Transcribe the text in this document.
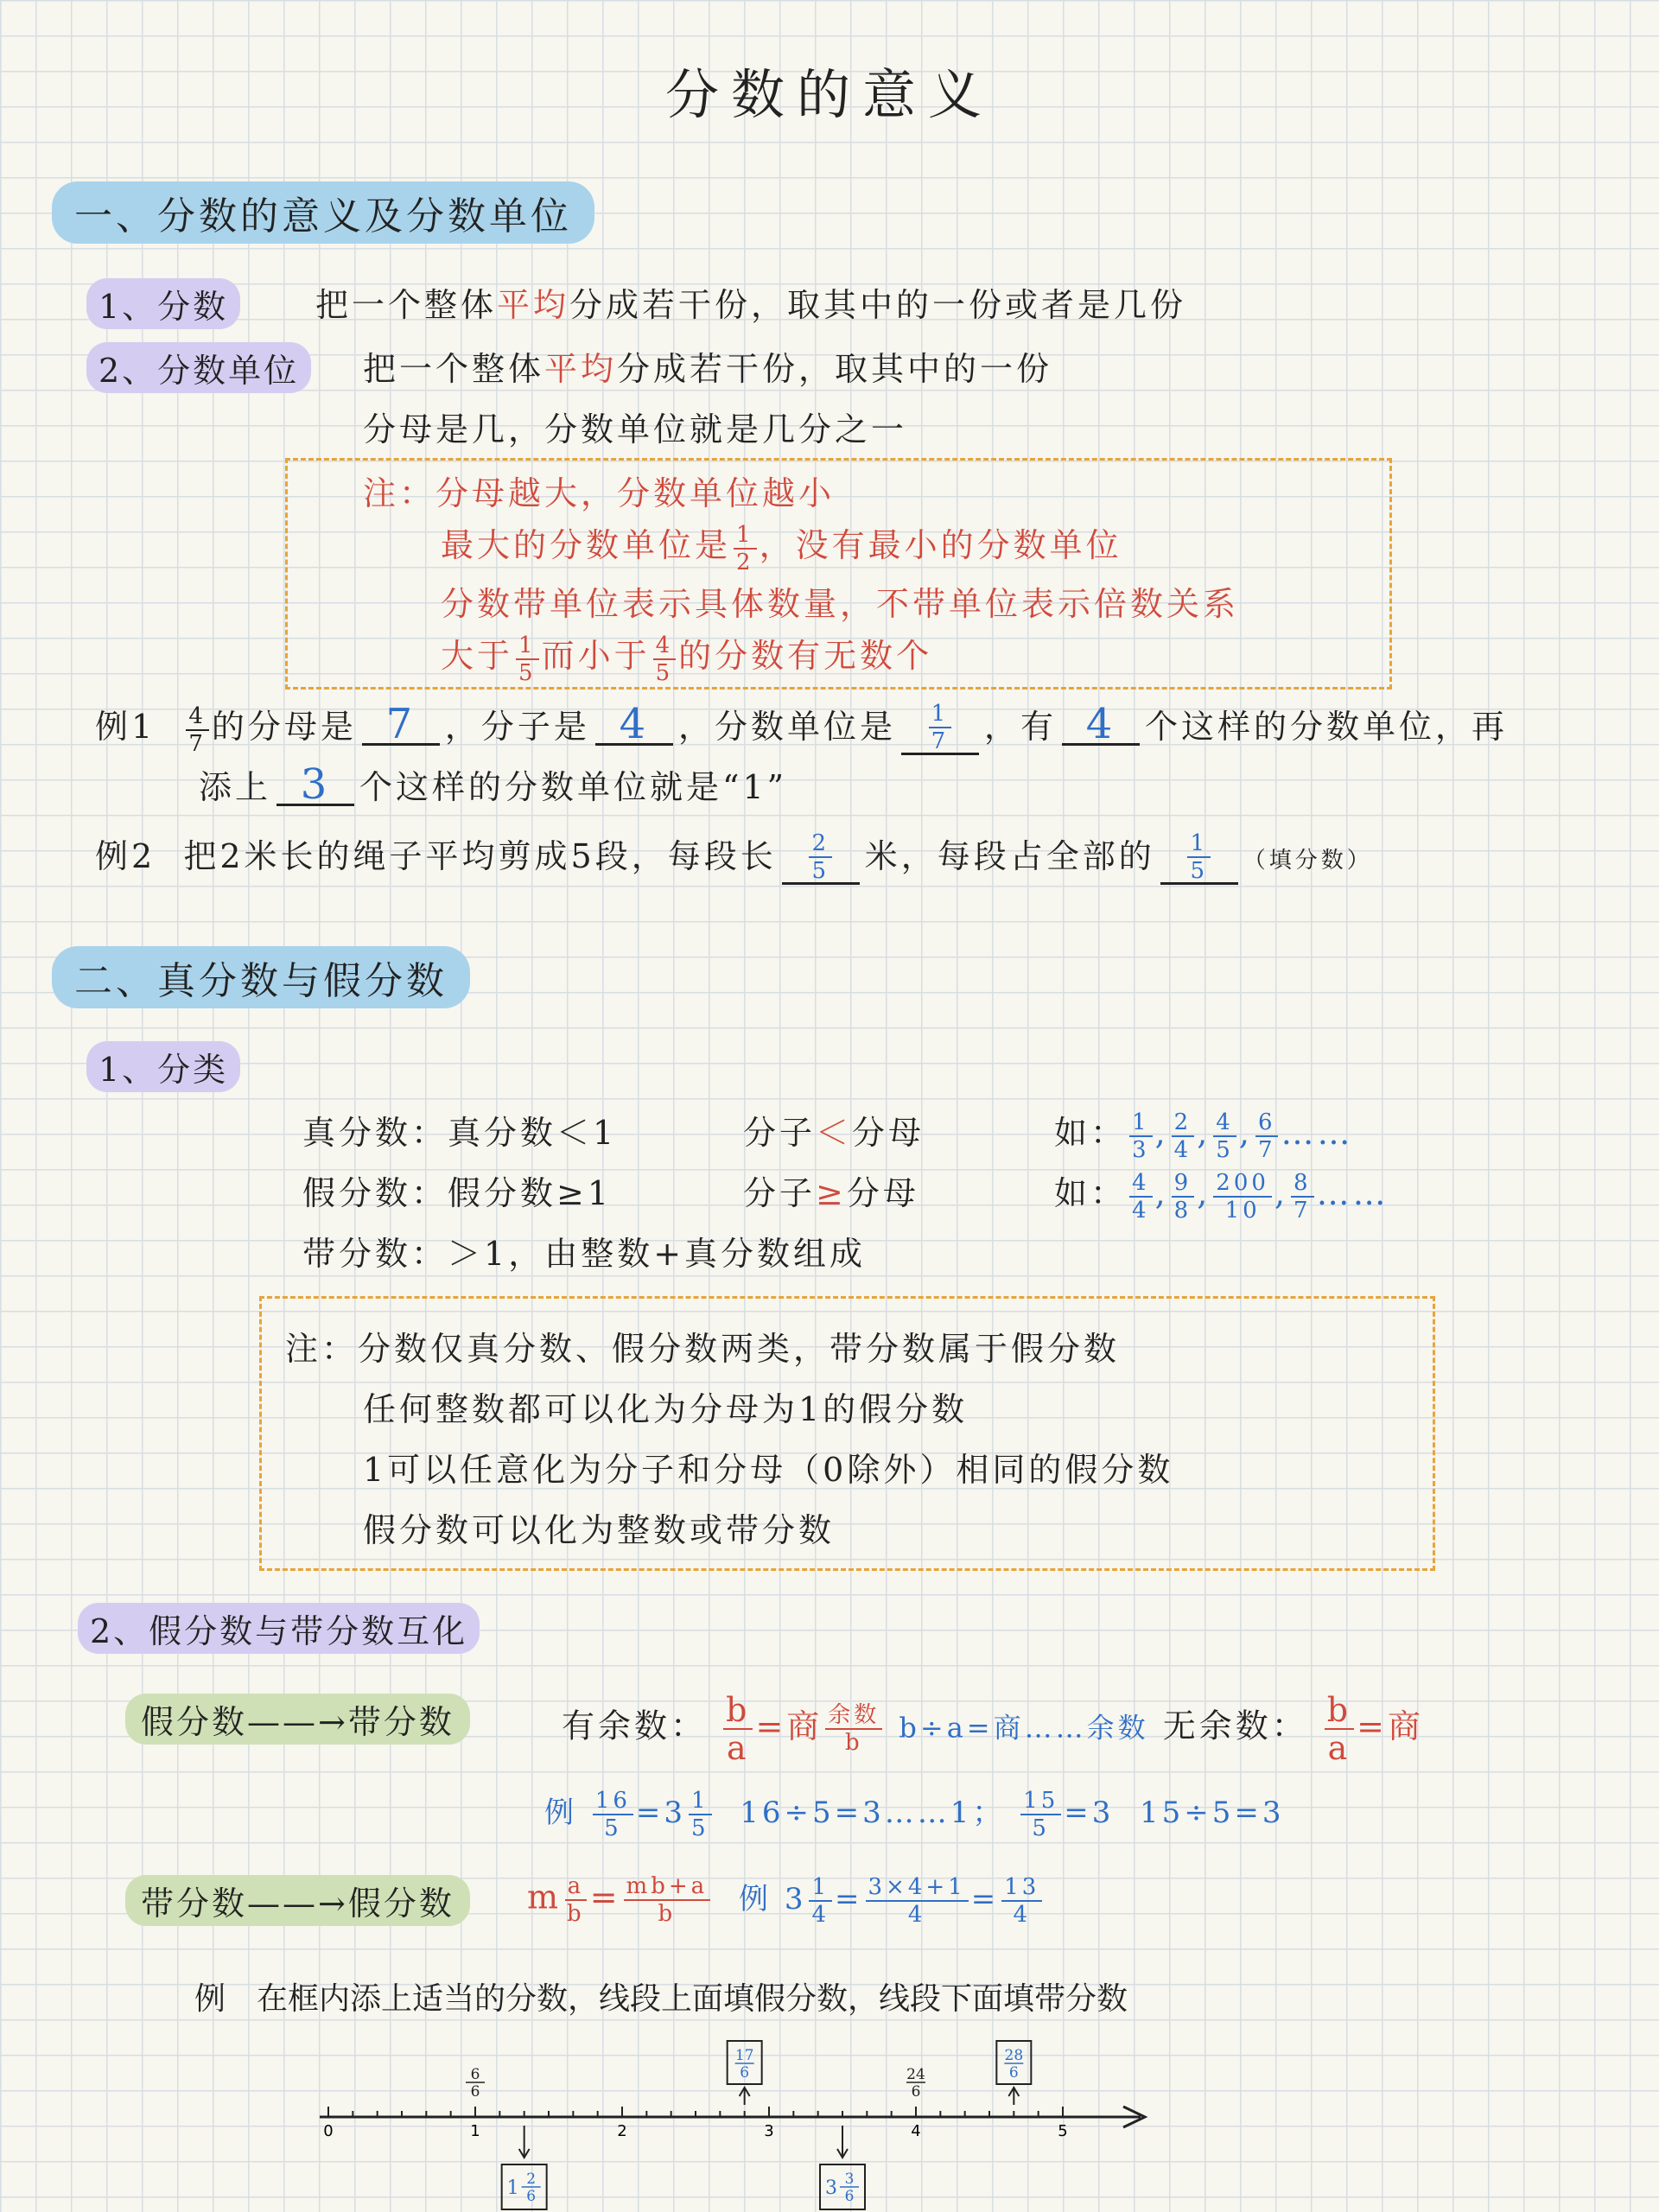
分数的意义
一、分数的意义及分数单位
1、分数	把一个整体平均分成若干份，取其中的一份或者是几份
2、分数单位	把一个整体平均分成若干份，取其中的一份
分母是几，分数单位就是几分之一
注：分母越大，分数单位越小
最大的分数单位是 $\frac{1}{2}$ ，没有最小的分数单位
分数带单位表示具体数量，不带单位表示倍数关系
大于 $\frac{1}{5}$ 而小于 $\frac{4}{5}$ 的分数有无数个
例$1 \frac{4}{7}$ 的分母是 7 ，分子是 4 ，分数单位是 $\frac{1}{7}$ ，有 4 个这样的分数单位，再
添上 3 个这样的分数单位就是“1”
例2 把2米长的绳子平均剪成5段，每段长 $\frac{2}{5}$ 米，每段占全部的 $\frac{1}{5}$ （填分数）
二、真分数与假分数
1、分类
真分数：真分数＜1	分子＜分母	如： $\frac{1}{3}$ , $\frac{2}{4}$ , $\frac{4}{5}$ , $\frac{6}{7}$ ……
假分数：假分数≥1	分子≥分母	如： $\frac{4}{4}$ , $\frac{9}{8}$ , $\frac{200}{10}$ , $\frac{8}{7}$ ……
带分数：＞1，由整数+真分数组成
注：分数仅真分数、假分数两类，带分数属于假分数
任何整数都可以化为分母为1的假分数
1可以任意化为分子和分母（0除外）相同的假分数
假分数可以化为整数或带分数
2、假分数与带分数互化
假分数——→带分数	有余数： $\frac{b}{a}$ =商 $\frac{\text{余数}}{b} b\div a=$商……余数 无余数： $\frac{b}{a}$ =商
例 $\frac{16}{5} =3 \frac{1}{5}$ 16÷5=3……1； $\frac{15}{5} =3$ 15÷5=3
带分数——→假分数	m $\frac{a}{b} = \frac{mb+a}{b}$ 例 $3 \frac{1}{4} = \frac{3\times 4+1}{4} = \frac{13}{4}$
例　在框内添上适当的分数，线段上面填假分数，线段下面填带分数
0	1	2	3	4	5
6
6
17
6	24
6
28
6
1 2
6	3 3
6
